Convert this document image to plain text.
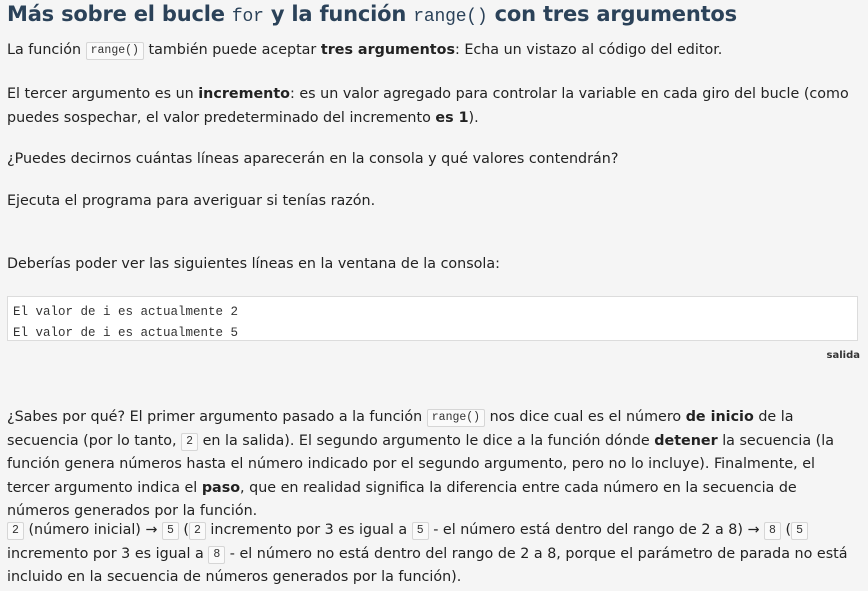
Más sobre el bucle for y la función range() con tres argumentos

La función range() también puede aceptar tres argumentos: Echa un vistazo al código del editor.

El tercer argumento es un incremento: es un valor agregado para controlar la variable en cada giro del bucle (como puedes sospechar, el valor predeterminado del incremento es 1).

¿Puedes decirnos cuántas líneas aparecerán en la consola y qué valores contendrán?

Ejecuta el programa para averiguar si tenías razón.

Deberías poder ver las siguientes líneas en la ventana de la consola:

El valor de i es actualmente 2
El valor de i es actualmente 5
salida

¿Sabes por qué? El primer argumento pasado a la función range() nos dice cual es el número de inicio de la secuencia (por lo tanto, 2 en la salida). El segundo argumento le dice a la función dónde detener la secuencia (la función genera números hasta el número indicado por el segundo argumento, pero no lo incluye). Finalmente, el tercer argumento indica el paso, que en realidad significa la diferencia entre cada número en la secuencia de números generados por la función.

2 (número inicial) → 5 ( 2 incremento por 3 es igual a 5 - el número está dentro del rango de 2 a 8) → 8 ( 5 incremento por 3 es igual a 8 - el número no está dentro del rango de 2 a 8, porque el parámetro de parada no está incluido en la secuencia de números generados por la función).
